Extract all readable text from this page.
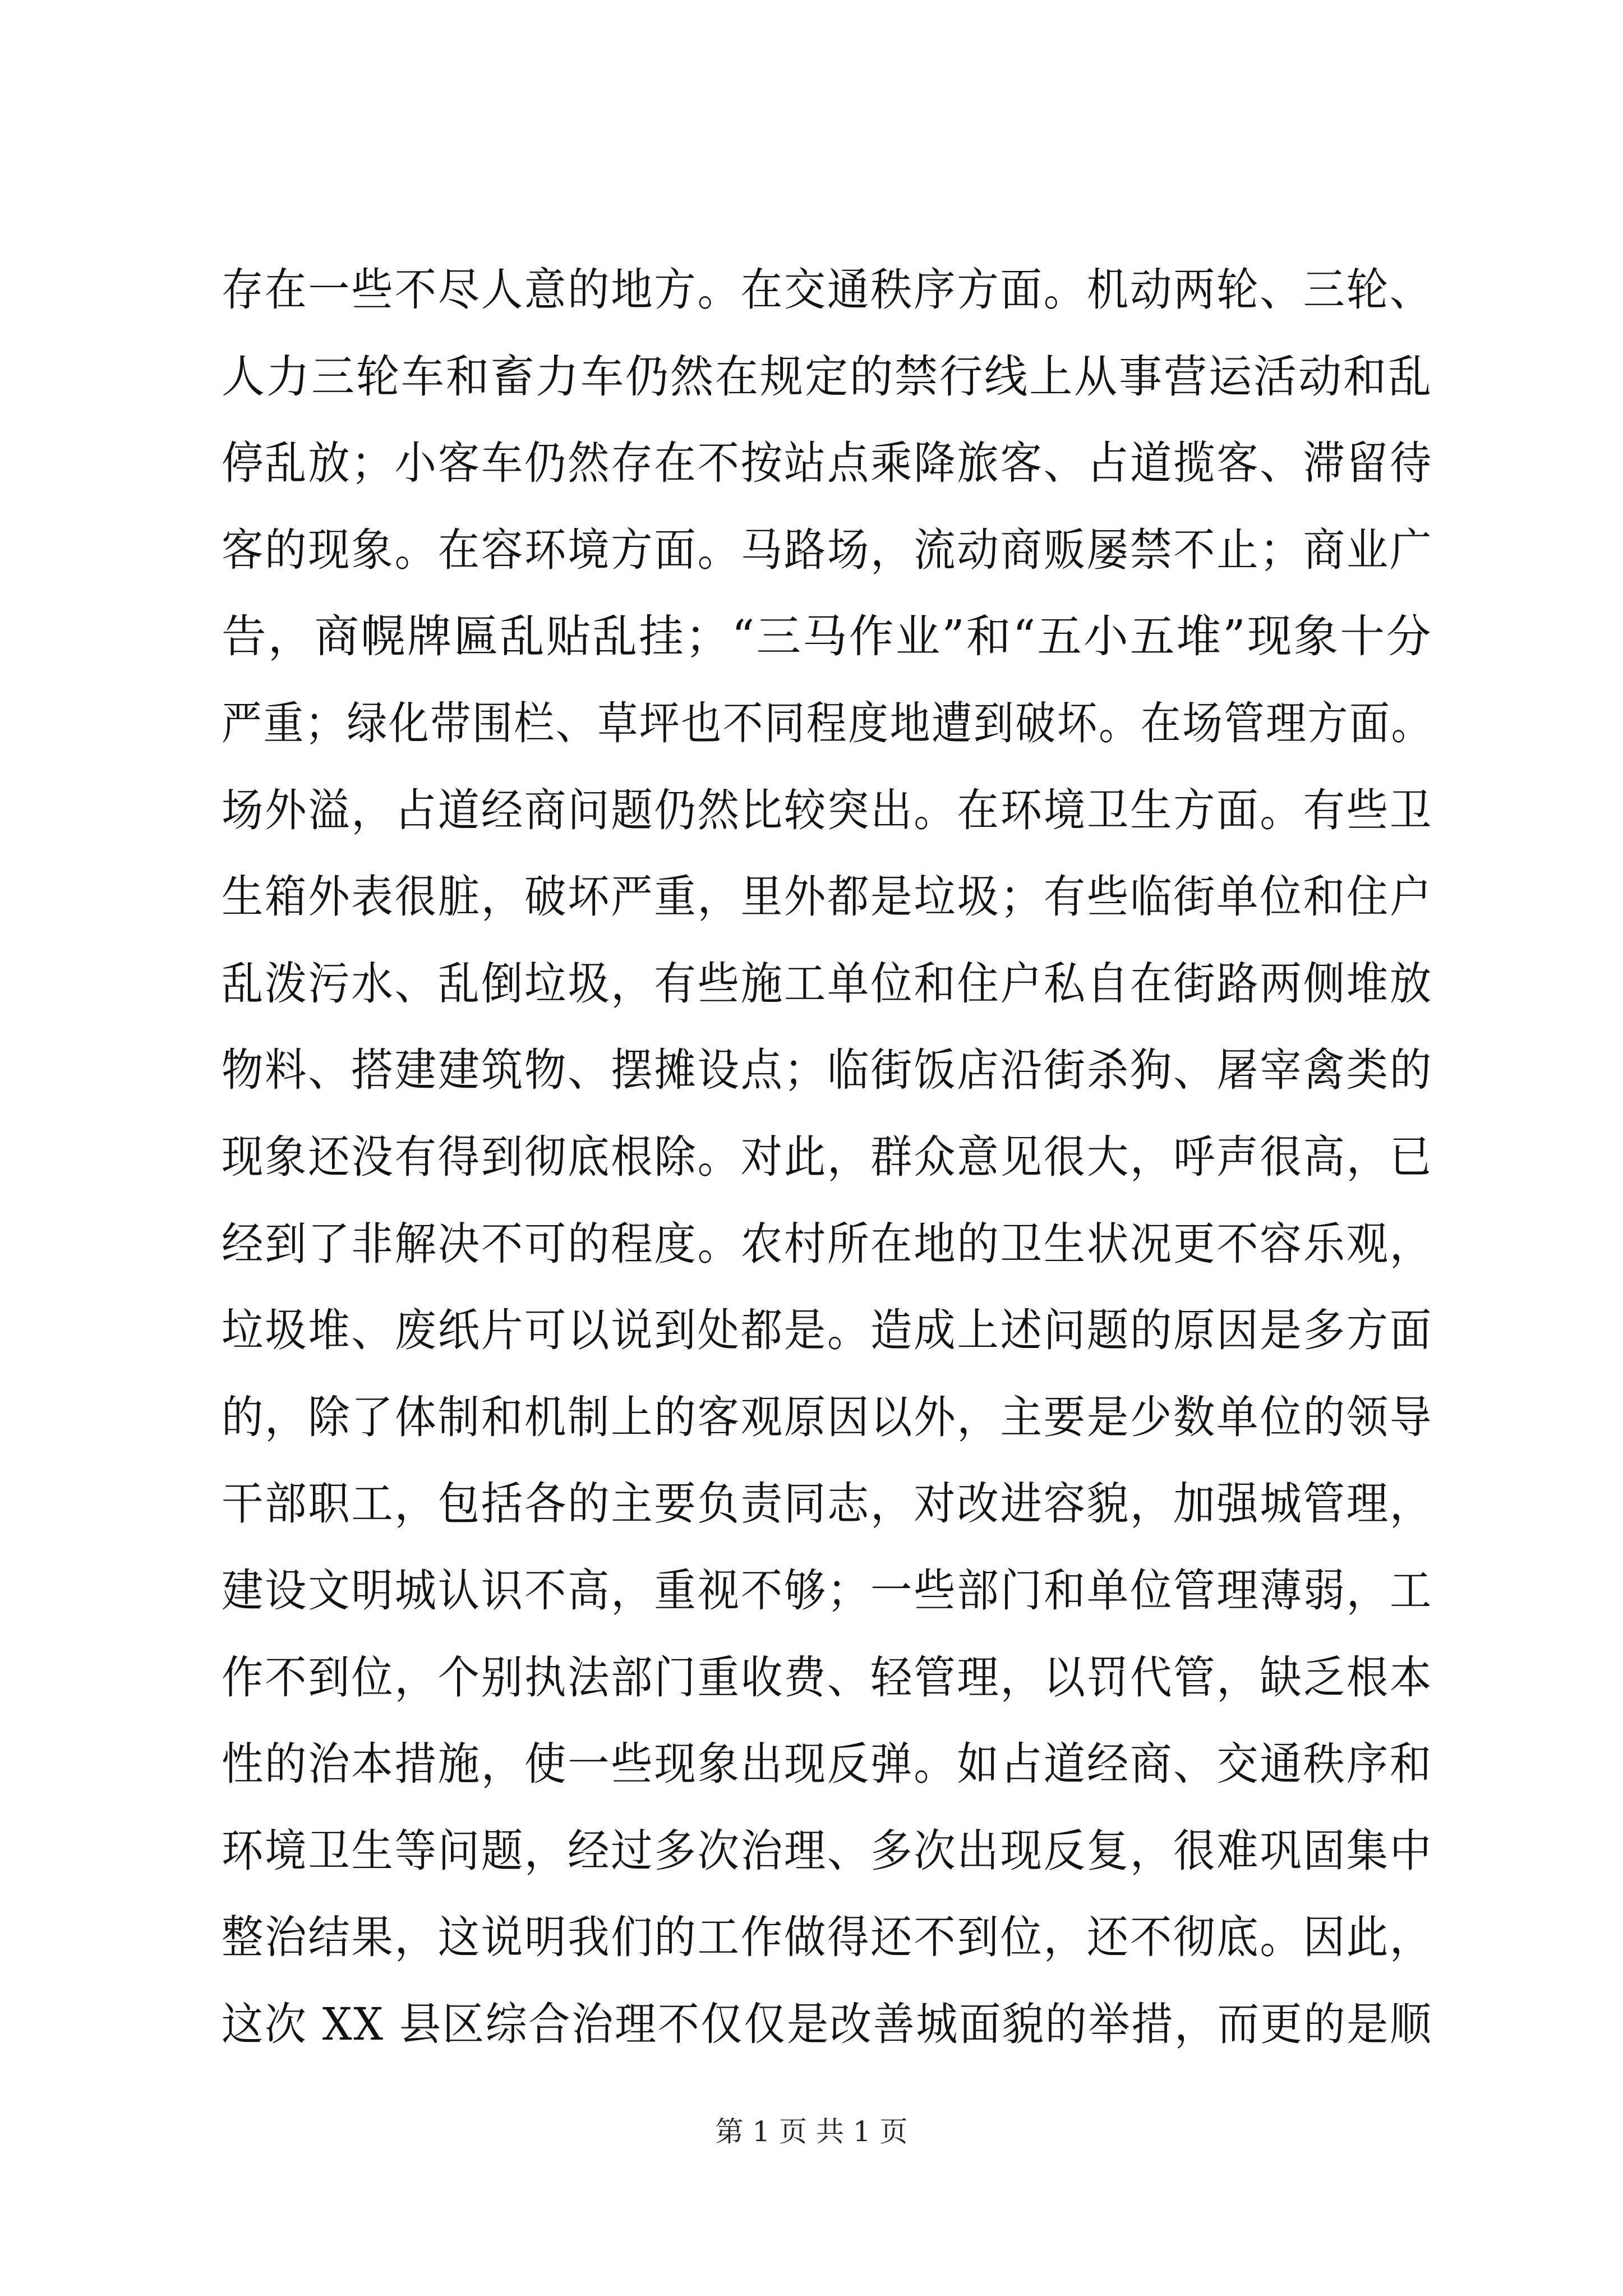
存在一些不尽人意的地方。在交通秩序方面。机动两轮、三轮、
人力三轮车和畜力车仍然在规定的禁行线上从事营运活动和乱
停乱放；小客车仍然存在不按站点乘降旅客、占道揽客、滞留待
客的现象。在容环境方面。马路场，流动商贩屡禁不止；商业广
告，商幌牌匾乱贴乱挂；“三马作业”和“五小五堆”现象十分
严重；绿化带围栏、草坪也不同程度地遭到破坏。在场管理方面。
场外溢，占道经商问题仍然比较突出。在环境卫生方面。有些卫
生箱外表很脏，破坏严重，里外都是垃圾；有些临街单位和住户
乱泼污水、乱倒垃圾，有些施工单位和住户私自在街路两侧堆放
物料、搭建建筑物、摆摊设点；临街饭店沿街杀狗、屠宰禽类的
现象还没有得到彻底根除。对此，群众意见很大，呼声很高，已
经到了非解决不可的程度。农村所在地的卫生状况更不容乐观，
垃圾堆、废纸片可以说到处都是。造成上述问题的原因是多方面
的，除了体制和机制上的客观原因以外，主要是少数单位的领导
干部职工，包括各的主要负责同志，对改进容貌，加强城管理，
建设文明城认识不高，重视不够；一些部门和单位管理薄弱，工
作不到位，个别执法部门重收费、轻管理，以罚代管，缺乏根本
性的治本措施，使一些现象出现反弹。如占道经商、交通秩序和
环境卫生等问题，经过多次治理、多次出现反复，很难巩固集中
整治结果，这说明我们的工作做得还不到位，还不彻底。因此，
这次 XX 县区综合治理不仅仅是改善城面貌的举措，而更的是顺
第 1 页 共 1 页
